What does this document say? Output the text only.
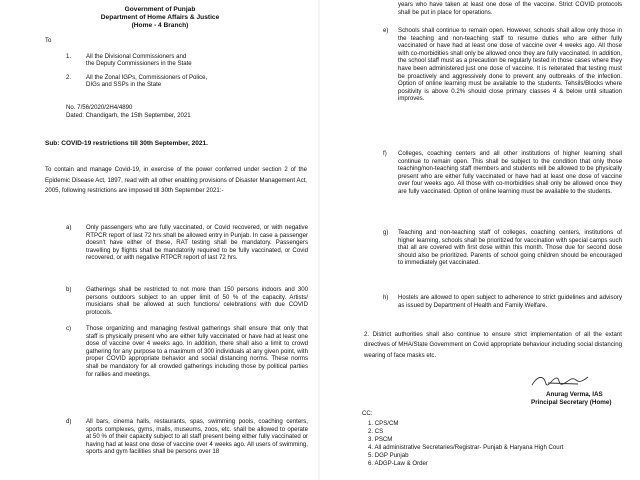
Government of Punjab
Department of Home Affairs & Justice
(Home - 4 Branch)
To
1. All the Divisional Commissioners and
the Deputy Commissioners in the State
2. All the Zonal IGPs, Commissioners of Police,
DIGs and SSPs in the State
No. 7/56/2020/2H4/4890
Dated: Chandigarh, the 15th September, 2021
Sub: COVID-19 restrictions till 30th September, 2021.
To contain and manage Covid-19, in exercise of the power conferred under section 2 of the Epidemic Disease Act, 1897, read with all other enabling provisions of Disaster Management Act, 2005, following restrictions are imposed till 30th September 2021:-
a) Only passengers who are fully vaccinated, or Covid recovered, or with negative RTPCR report of last 72 hrs shall be allowed entry in Punjab. In case a passenger doesn't have either of these, RAT testing shall be mandatory. Passengers travelling by flights shall be mandatorily required to be fully vaccinated, or Covid recovered, or with negative RTPCR report of last 72 hrs.
b) Gatherings shall be restricted to not more than 150 persons indoors and 300 persons outdoors subject to an upper limit of 50 % of the capacity. Artists/ musicians shall be allowed at such functions/ celebrations with due COVID protocols.
c) Those organizing and managing festival gatherings shall ensure that only that staff is physically present who are either fully vaccinated or have had at least one dose of vaccine over 4 weeks ago. In addition, there shall also a limit to crowd gathering for any purpose to a maximum of 300 individuals at any given point, with proper COVID appropriate behavior and social distancing norms. These norms shall be mandatory for all crowded gatherings including those by political parties for rallies and meetings.
d) All bars, cinema halls, restaurants, spas, swimming pools, coaching centers, sports complexes, gyms, malls, museums, zoos, etc. shall be allowed to operate at 50 % of their capacity subject to all staff present being either fully vaccinated or having had at least one dose of vaccine over 4 weeks ago. All users of swimming, sports and gym facilities shall be persons over 18
years who have taken at least one dose of the vaccine. Strict COVID protocols shall be put in place for operations.
e) Schools shall continue to remain open. However, schools shall allow only those in the teaching and non-teaching staff to resume duties who are either fully vaccinated or have had at least one dose of vaccine over 4 weeks ago. All those with co-morbidities shall only be allowed once they are fully vaccinated. In addition, the school staff must as a precaution be regularly tested in those cases where they have been administered just one dose of vaccine. It is reiterated that testing must be proactively and aggressively done to prevent any outbreaks of the infection. Option of online learning must be available to the students. Tehsils/Blocks where positivity is above 0.2% should close primary classes 4 & below until situation improves.
f) Colleges, coaching centers and all other institutions of higher learning shall continue to remain open. This shall be subject to the condition that only those teaching/non-teaching staff members and students will be allowed to be physically present who are either fully vaccinated or have had at least one dose of vaccine over four weeks ago. All those with co-morbidities shall only be allowed once they are fully vaccinated. Option of online learning must be available to the students.
g) Teaching and non-teaching staff of colleges, coaching centers, institutions of higher learning, schools shall be prioritized for vaccination with special camps such that all are covered with first dose within this month. Those due for second dose should also be prioritized. Parents of school going children should be encouraged to immediately get vaccinated.
h) Hostels are allowed to open subject to adherence to strict guidelines and advisory as issued by Department of Health and Family Welfare.
2. District authorities shall also continue to ensure strict implementation of all the extant directives of MHA/State Government on Covid appropriate behaviour including social distancing wearing of face masks etc.
Anurag Verma, IAS
Principal Secretary (Home)
CC:
1. CPS/CM
2. CS
3. PSCM
4. All administrative Secretaries/Registrar- Punjab & Haryana High Court
5. DGP Punjab
6. ADGP-Law & Order
